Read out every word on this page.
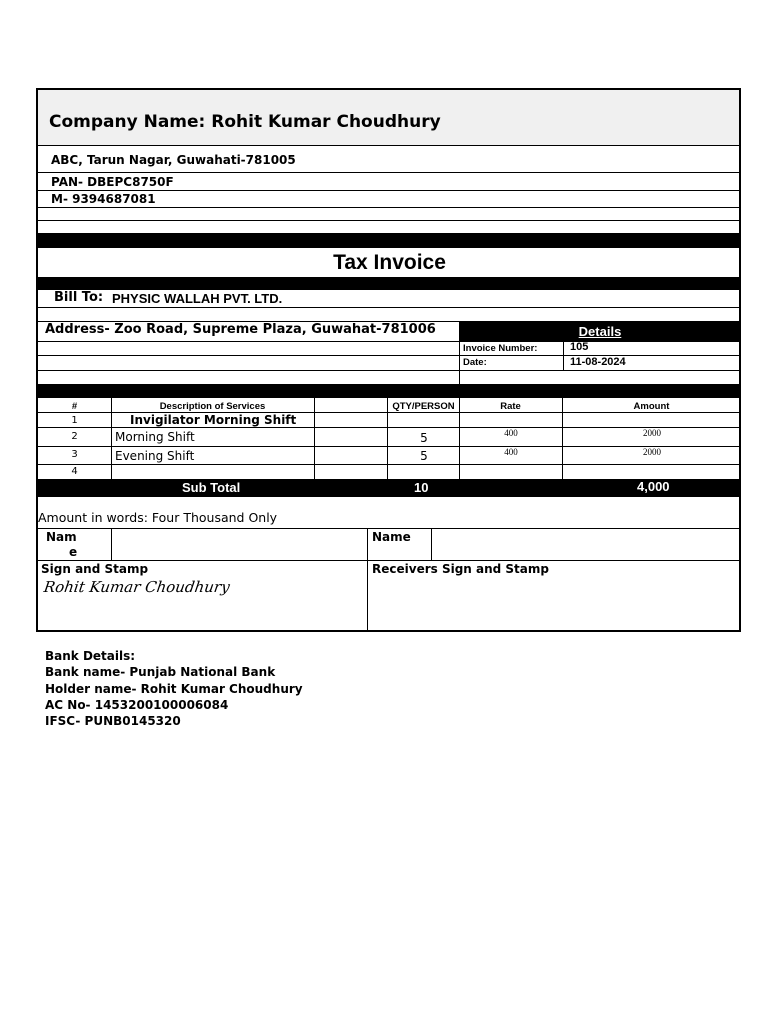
Company Name: Rohit Kumar Choudhury
ABC, Tarun Nagar, Guwahati-781005
PAN- DBEPC8750F
M- 9394687081
Tax Invoice
Bill To: PHYSIC WALLAH PVT. LTD.
Address- Zoo Road, Supreme Plaza, Guwahat-781006	Details
Invoice Number:	105
Date:	11-08-2024
#	Description of Services	QTY/PERSON	Rate	Amount
1	Invigilator Morning Shift
2	Morning Shift	5	400	2000
3	Evening Shift	5	400	2000
4
Sub Total	10	4,000
Amount in words: Four Thousand Only
Nam
e
Name
Sign and Stamp	Receivers Sign and Stamp
Rohit Kumar Choudhury
Bank Details:
Bank name- Punjab National Bank
Holder name- Rohit Kumar Choudhury
AC No- 1453200100006084
IFSC- PUNB0145320
